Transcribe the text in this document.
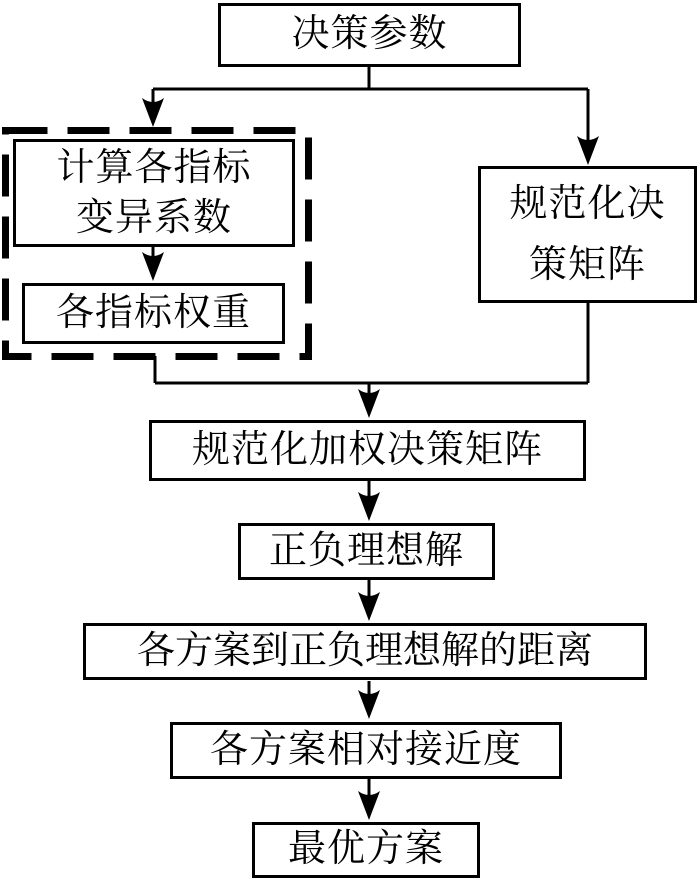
决策参数
计算各指标
变异系数
各指标权重
规范化决
策矩阵
规范化加权决策矩阵
正负理想解
各方案到正负理想解的距离
各方案相对接近度
最优方案
